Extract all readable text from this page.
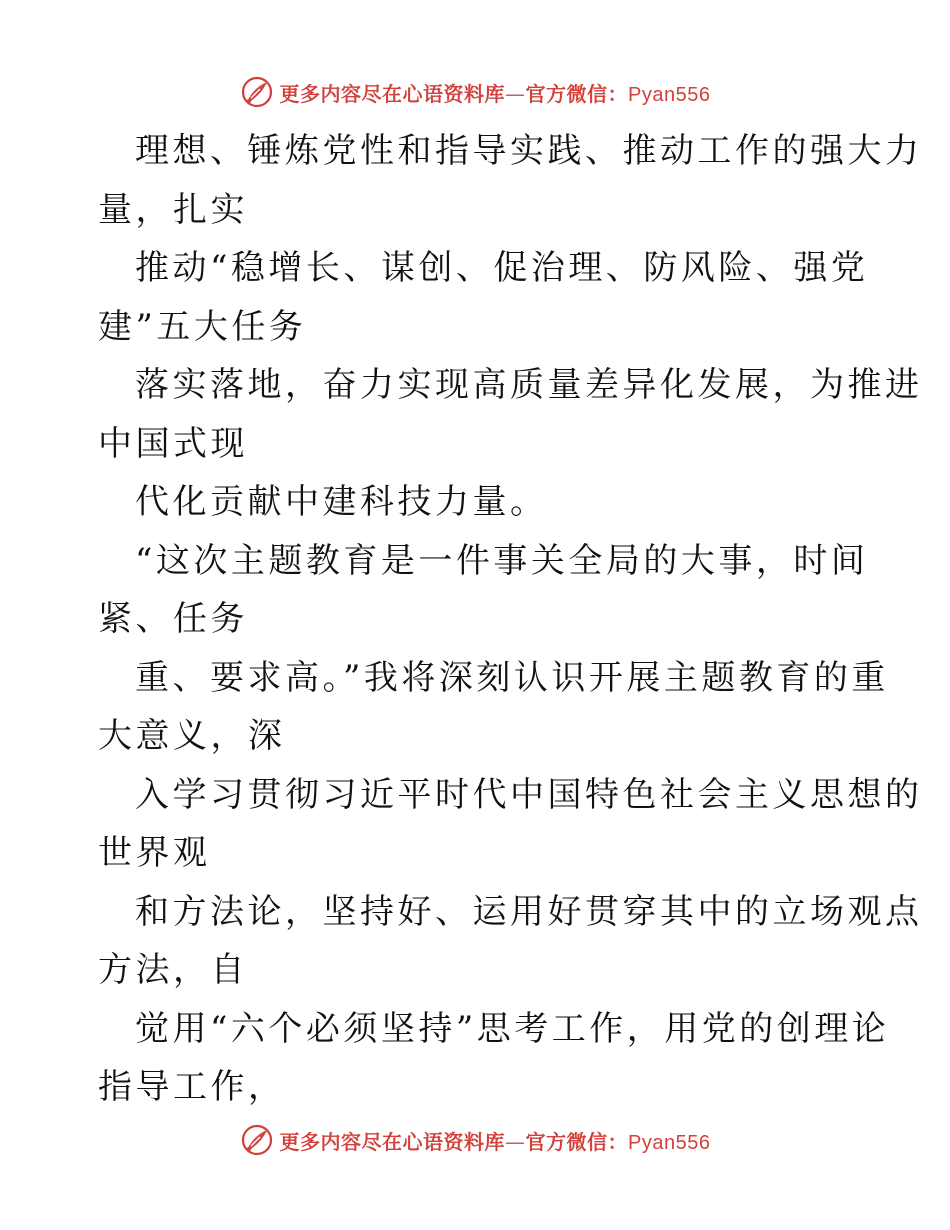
更多内容尽在心语资料库 — 官方微信： Pyan556
理想、锤炼党性和指导实践、推动工作的强大力
量，扎实
推动“稳增长、谋创、促治理、防风险、强党
建”五大任务
落实落地，奋力实现高质量差异化发展，为推进
中国式现
代化贡献中建科技力量。
“这次主题教育是一件事关全局的大事，时间
紧、任务
重、要求高。”我将深刻认识开展主题教育的重
大意义，深
入学习贯彻习近平时代中国特色社会主义思想的
世界观
和方法论，坚持好、运用好贯穿其中的立场观点
方法，自
觉用“六个必须坚持”思考工作，用党的创理论
指导工作，
更多内容尽在心语资料库 — 官方微信： Pyan556
